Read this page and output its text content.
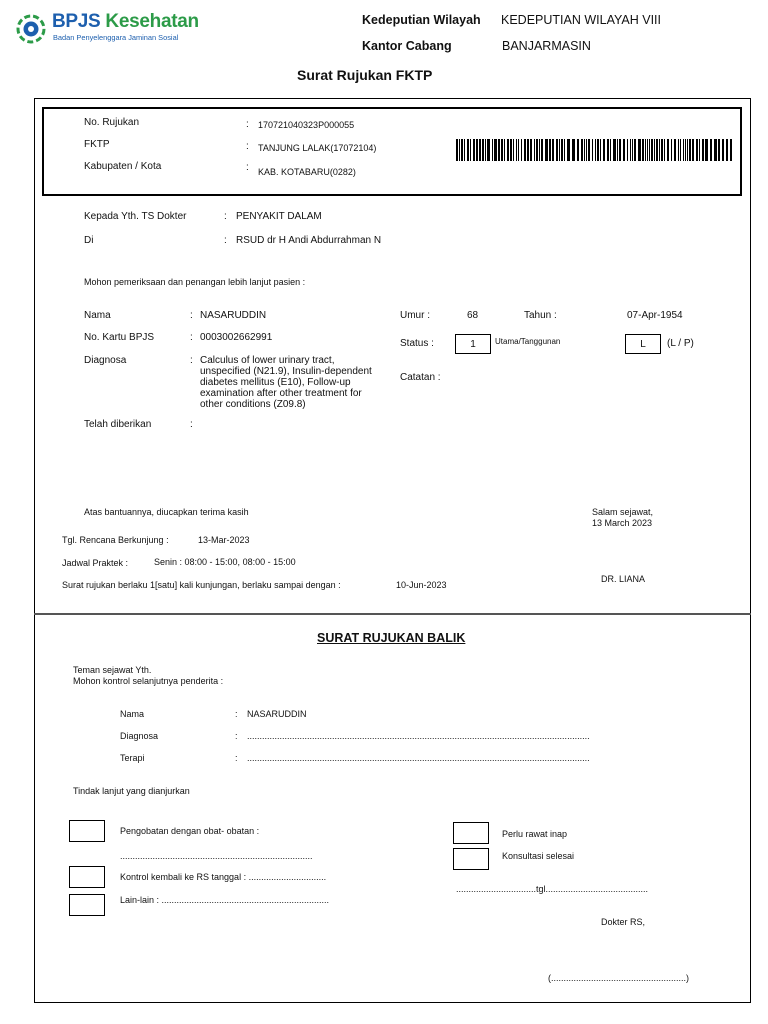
BPJS Kesehatan
Badan Penyelenggara Jaminan Sosial
Kedeputian Wilayah KEDEPUTIAN WILAYAH VIII
Kantor Cabang	BANJARMASIN
Surat Rujukan FKTP
No. Rujukan	: 170721040323P000055
FKTP	: TANJUNG LALAK(17072104)
Kabupaten / Kota	: KAB. KOTABARU(0282)
Kepada Yth. TS Dokter	: PENYAKIT DALAM
Di	: RSUD dr H Andi Abdurrahman N
Mohon pemeriksaan dan penangan lebih lanjut pasien :
Nama	: NASARUDDIN
No. Kartu BPJS	: 0003002662991
Diagnosa	: Calculus of lower urinary tract,
unspecified (N21.9), Insulin-dependent
diabetes mellitus (E10), Follow-up
examination after other treatment for
other conditions (Z09.8)
Telah diberikan	:
Umur :	68	Tahun :	07-Apr-1954
Status :	1	Utama/Tanggunan	L	(L / P)
Catatan :
Atas bantuannya, diucapkan terima kasih	Salam sejawat,
13 March 2023
Tgl. Rencana Berkunjung :	13-Mar-2023
Jadwal Praktek :	Senin : 08:00 - 15:00, 08:00 - 15:00
Surat rujukan berlaku 1[satu] kali kunjungan, berlaku sampai dengan :	10-Jun-2023
DR. LIANA
SURAT RUJUKAN BALIK
Teman sejawat Yth.
Mohon kontrol selanjutnya penderita :
Nama	: NASARUDDIN
Diagnosa	: .........................................................................................................................................
Terapi	: .........................................................................................................................................
Tindak lanjut yang dianjurkan
Pengobatan dengan obat- obatan :
.............................................................................
Kontrol kembali ke RS tanggal : ...............................
Lain-lain : ...................................................................
Perlu rawat inap
Konsultasi selesai
................................tgl.........................................
Dokter RS,
(......................................................)
